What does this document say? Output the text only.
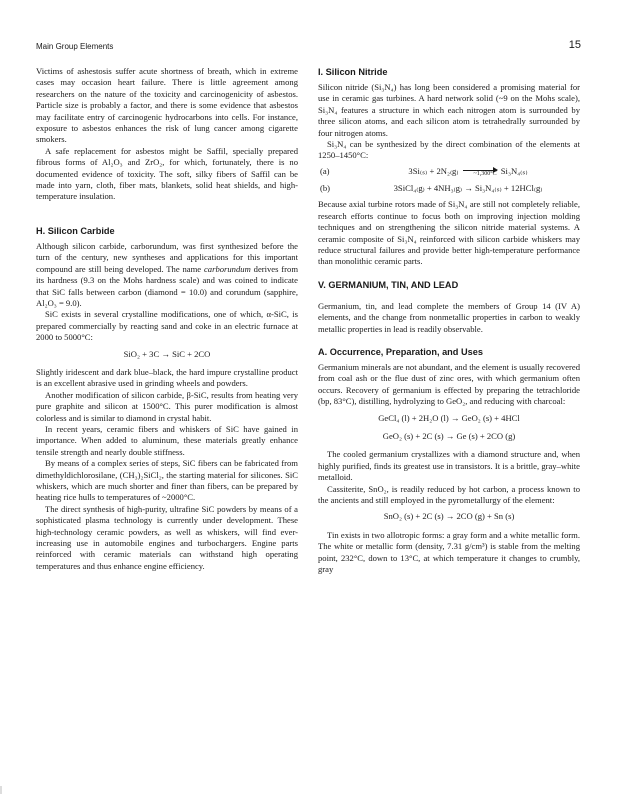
Main Group Elements	15

Victims of ashestosis suffer acute shortness of breath, which in extreme cases may occasion heart failure. There is little agreement among researchers on the nature of the toxicity and carcinogenicity of asbestos. Particle size is probably a factor, and there is some evidence that asbestos may facilitate entry of carcinogenic hydrocarbons into cells. For instance, exposure to asbestos enhances the risk of lung cancer among cigarette smokers.

A safe replacement for asbestos might be Saffil, specially prepared fibrous forms of Al₂O₃ and ZrO₂, for which, fortunately, there is no documented evidence of toxicity. The soft, silky fibers of Saffil can be made into yarn, cloth, fiber mats, blankets, solid heat shields, and high-temperature insulation.

H. Silicon Carbide

Although silicon carbide, carborundum, was first synthesized before the turn of the century, new syntheses and applications for this important compound are still being developed. The name carborundum derives from its hardness (9.3 on the Mohs hardness scale) and was coined to indicate that SiC falls between carbon (diamond = 10.0) and corundum (sapphire, Al₂O₃ = 9.0).

SiC exists in several crystalline modifications, one of which, α-SiC, is prepared commercially by reacting sand and coke in an electric furnace at 2000 to 5000°C:

SiO₂ + 3C → SiC + 2CO

Slightly iridescent and dark blue–black, the hard impure crystalline product is an excellent abrasive used in grinding wheels and powders.

Another modification of silicon carbide, β-SiC, results from heating very pure graphite and silicon at 1500°C. This purer modification is almost colorless and is similar to diamond in crystal habit.

In recent years, ceramic fibers and whiskers of SiC have gained in importance. When added to aluminum, these materials greatly enhance tensile strength and nearly double stiffness.

By means of a complex series of steps, SiC fibers can be fabricated from dimethyldichlorosilane, (CH₃)₂SiCl₂, the starting material for silicones. SiC whiskers, which are much shorter and finer than fibers, can be prepared by heating rice hulls to temperatures of ~2000°C.

The direct synthesis of high-purity, ultrafine SiC powders by means of a sophisticated plasma technology is currently under development. These high-technology ceramic powders, as well as whiskers, will find ever-increasing use in automobile engines and turbochargers. Engine parts reinforced with ceramic materials can withstand high operating temperatures and thus enhance engine efficiency.

I. Silicon Nitride

Silicon nitride (Si₃N₄) has long been considered a promising material for use in ceramic gas turbines. A hard network solid (~9 on the Mohs scale), Si₃N₄ features a structure in which each nitrogen atom is surrounded by three silicon atoms, and each silicon atom is tetrahedrally surrounded by four nitrogen atoms.

Si₃N₄ can be synthesized by the direct combination of the elements at 1250–1450°C:

(a)	3Si₍ₛ₎ + 2N₂₍g₎	~1,300°C Si₃N₄₍ₛ₎
(b)	3SiCl₄₍g₎ + 4NH₃₍g₎ → Si₃N₄₍ₛ₎ + 12HCl₍g₎

Because axial turbine rotors made of Si₃N₄ are still not completely reliable, research efforts continue to focus both on improving injection molding techniques and on strengthening the silicon nitride material systems. A ceramic composite of Si₃N₄ reinforced with silicon carbide whiskers may reduce structural failures and provide better high-temperature performance than monolithic ceramic parts.

V. GERMANIUM, TIN, AND LEAD

Germanium, tin, and lead complete the members of Group 14 (IV A) elements, and the change from nonmetallic properties in carbon to weakly metallic properties in lead is readily observable.

A. Occurrence, Preparation, and Uses

Germanium minerals are not abundant, and the element is usually recovered from coal ash or the flue dust of zinc ores, with which germanium often occurs. Recovery of germanium is effected by preparing the tetrachloride (bp, 83°C), distilling, hydrolyzing to GeO₂, and reducing with charcoal:

GeCl₄ (l) + 2H₂O (l) → GeO₂ (s) + 4HCl
GeO₂ (s) + 2C (s) → Ge (s) + 2CO (g)

The cooled germanium crystallizes with a diamond structure and, when highly purified, finds its greatest use in transistors. It is a brittle, gray–white metalloid.

Cassiterite, SnO₂, is readily reduced by hot carbon, a process known to the ancients and still employed in the pyrometallurgy of the element:

SnO₂ (s) + 2C (s) → 2CO (g) + Sn (s)

Tin exists in two allotropic forms: a gray form and a white metallic form. The white or metallic form (density, 7.31 g/cm³) is stable from the melting point, 232°C, down to 13°C, at which temperature it changes to crumbly, gray
